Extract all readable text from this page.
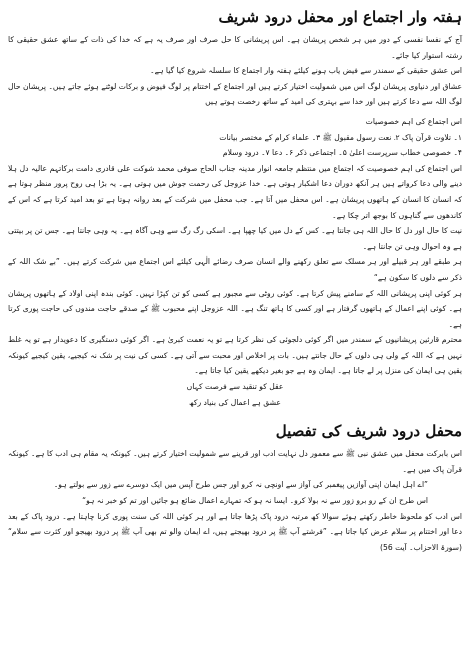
ہفتہ وار اجتماع اور محفل درود شریف

آج کے نفسا نفسی کے دور میں ہر شخص پریشان ہے۔ اس پریشانی کا حل صرف اور صرف یہ ہے کہ خدا کی ذات کے ساتھ عشق حقیقی کا رشتہ استوار کیا جائے۔

اس عشق حقیقی کے سمندر سے فیض یاب ہونے کیلئے ہفتہ وار اجتماع کا سلسلہ شروع کیا گیا ہے۔

عشاق اور دنیاوی پریشان لوگ اس میں شمولیت اختیار کرتے ہیں اور اجتماع کے اختتام پر لوگ فیوض و برکات لوٹتے ہوئے جاتے ہیں۔ پریشان حال لوگ اللہ سے دعا کرتے ہیں اور خدا سے بہتری کی امید کے ساتھ رخصت ہوتے ہیں

اس اجتماع کی اہم خصوصیات

۱۔ تلاوت قرآن پاک ۲۔ نعت رسول مقبول ﷺ ۳۔ علماء کرام کے مختصر بیانات
۴۔ خصوصی خطاب سرپرست اعلیٰ ۵۔ اجتماعی ذکر ۶۔ دعا ۷۔ درود وسلام

اس اجتماع کی اہم خصوصیت کہ اجتماع میں منتظم جامعہ انوار مدینہ جناب الحاج صوفی محمد شوکت علی قادری دامت برکاتہم عالیہ دل ہلا دینے والی دعا کرواتے ہیں ہر آنکھ دوران دعا اشکبار ہوتی ہے۔ خدا عزوجل کی رحمت جوش میں ہوتی ہے۔ یہ بڑا ہی روح پرور منظر ہوتا ہے کہ انسان کا انسان کے ہاتھوں پریشان ہے۔ اس محفل میں آتا ہے۔ جب محفل میں شرکت کے بعد روانہ ہوتا ہے تو بعد امید کرتا ہے کہ اس کے کاندھوں سے گناہوں کا بوجھ اتر چکا ہے۔

نیت کا حال اور دل کا حال اللہ ہی جانتا ہے۔ کس کے دل میں کیا چھپا ہے۔ اسکی رگ رگ سے وہی آگاہ ہے۔ یہ وہی جانتا ہے۔ جس تن پر بیتتی ہے وہ احوال وہی تن جانتا ہے۔

ہر طبقے اور ہر قبیلے اور ہر مسلک سے تعلق رکھنے والے انسان صرف رضائے الٰہی کیلئے اس اجتماع میں شرکت کرتے ہیں۔ ”بے شک اللہ کے ذکر سے دلوں کا سکون ہے“

ہر کوئی اپنی پریشانی اللہ کے سامنے پیش کرتا ہے۔ کوئی روٹی سے مجبور ہے کسی کو تن کپڑا نہیں۔ کوئی بندہ اپنی اولاد کے ہاتھوں پریشان ہے۔ کوئی اپنے اعمال کے ہاتھوں گرفتار ہے اور کسی کا ہاتھ تنگ ہے۔ اللہ عزوجل اپنے محبوب ﷺ کے صدقے حاجت مندوں کی حاجت پوری کرتا ہے۔

محترم قارئین پریشانیوں کے سمندر میں اگر کوئی دلجوئی کی نظر کرتا ہے تو یہ نعمت کبریٰ ہے۔ اگر کوئی دستگیری کا دعویدار ہے تو یہ غلط نہیں ہے کہ اللہ کے ولی ہی دلوں کے حال جانتے ہیں۔ بات پر اخلاص اور محبت سے آتی ہے۔ کسی کی نیت پر شک نہ کیجیے، یقین کیجیے کیونکہ یقین ہی ایمان کی منزل پر لے جاتا ہے۔ ایمان وہ ہے جو بغیر دیکھے یقین کیا جاتا ہے۔

عقل کو تنقید سے فرصت کہاں

عشق ہے اعمال کی بنیاد رکھ

محفل درود شریف کی تفصیل

اس بابرکت محفل میں عشق نبی ﷺ سے معمور دل نہایت ادب اور قرینے سے شمولیت اختیار کرتے ہیں۔ کیونکہ یہ مقام ہی ادب کا ہے۔ کیونکہ قرآن پاک میں ہے۔

”اے اہل ایمان اپنی آوازیں پیغمبر کی آواز سے اونچی نہ کرو اور جس طرح آپس میں ایک دوسرے سے زور سے بولتے ہو۔

اس طرح ان کے رو برو زور سے نہ بولا کرو۔ ایسا نہ ہو کہ تمہارے اعمال ضائع ہو جائیں اور تم کو خبر نہ ہو“

اس ادب کو ملحوظ خاطر رکھتے ہوئے سوالا کھ مرتبہ درود پاک پڑھا جاتا ہے اور ہر کوئی اللہ کی سنت پوری کرنا چاہتا ہے۔ درود پاک کے بعد دعا اور اختتام پر سلام عرض کیا جاتا ہے۔ ”فرشتے آپ ﷺ پر درود بھیجتے ہیں، اے ایمان والو تم بھی آپ ﷺ پر درود بھیجو اور کثرت سے سلام“ (سورۃ الاحزاب۔ آیت 56)
